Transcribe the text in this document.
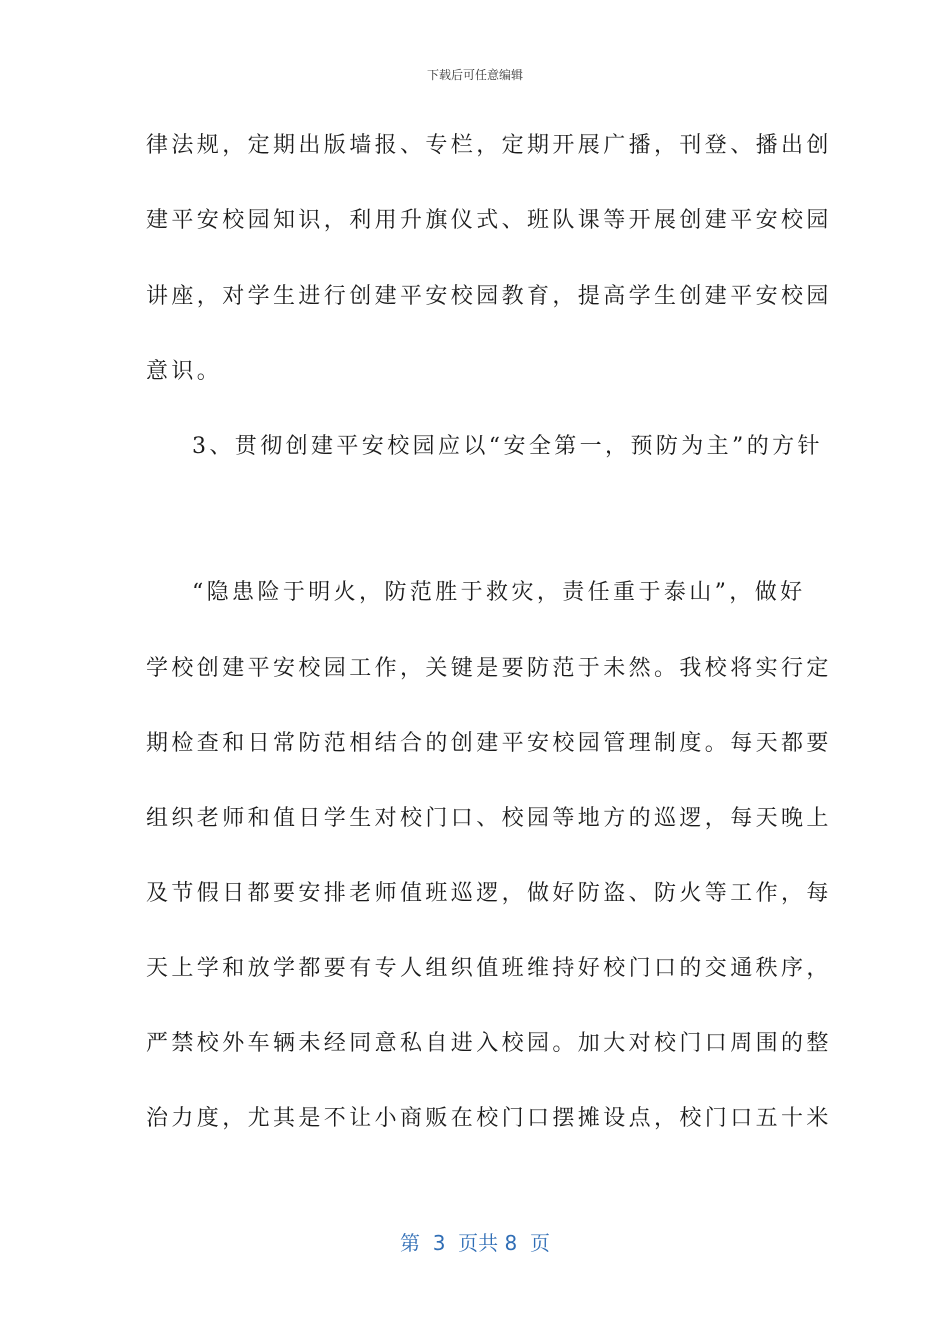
下载后可任意编辑
律法规，定期出版墙报、专栏，定期开展广播，刊登、播出创
建平安校园知识，利用升旗仪式、班队课等开展创建平安校园
讲座，对学生进行创建平安校园教育，提高学生创建平安校园
意识。
3、贯彻创建平安校园应以“安全第一，预防为主”的方针
“隐患险于明火，防范胜于救灾，责任重于泰山”，做好
学校创建平安校园工作，关键是要防范于未然。我校将实行定
期检查和日常防范相结合的创建平安校园管理制度。每天都要
组织老师和值日学生对校门口、校园等地方的巡逻，每天晚上
及节假日都要安排老师值班巡逻，做好防盗、防火等工作，每
天上学和放学都要有专人组织值班维持好校门口的交通秩序，
严禁校外车辆未经同意私自进入校园。加大对校门口周围的整
治力度，尤其是不让小商贩在校门口摆摊设点，校门口五十米
第  3  页共 8  页
